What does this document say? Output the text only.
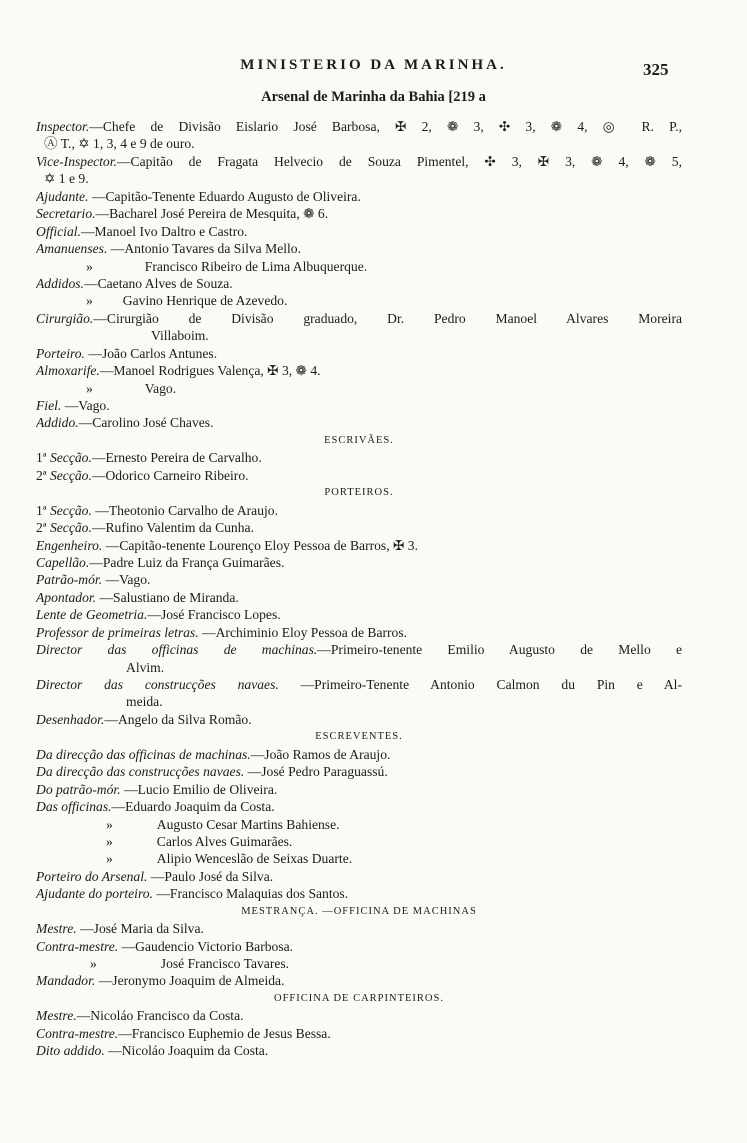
MINISTERIO DA MARINHA.	325
Arsenal de Marinha da Bahia [219 a
Inspector.—Chefe de Divisão Eislario José Barbosa, ✠ 2, ❁ 3, ✣ 3, ❁ 4, ◎ R. P.,
Ⓐ T., ✡ 1, 3, 4 e 9 de ouro.
Vice-Inspector.—Capitão de Fragata Helvecio de Souza Pimentel, ✣ 3, ✠ 3, ❁ 4, ❁ 5,
✡ 1 e 9.
Ajudante. —Capitão-Tenente Eduardo Augusto de Oliveira.
Secretario.—Bacharel José Pereira de Mesquita, ❁ 6.
Official.—Manoel Ivo Daltro e Castro.
Amanuenses. —Antonio Tavares da Silva Mello.
»	Francisco Ribeiro de Lima Albuquerque.
Addidos.—Caetano Alves de Souza.
» Gavino Henrique de Azevedo.
Cirurgião.—Cirurgião de Divisão graduado, Dr. Pedro Manoel Alvares Moreira
Villaboim.
Porteiro. —João Carlos Antunes.
Almoxarife.—Manoel Rodrigues Valença, ✠ 3, ❁ 4.
»	Vago.
Fiel. —Vago.
Addido.—Carolino José Chaves.
ESCRIVÃES.
1ª Secção.—Ernesto Pereira de Carvalho.
2ª Secção.—Odorico Carneiro Ribeiro.
PORTEIROS.
1ª Secção. —Theotonio Carvalho de Araujo.
2ª Secção.—Rufino Valentim da Cunha.
Engenheiro. —Capitão-tenente Lourenço Eloy Pessoa de Barros, ✠ 3.
Capellão.—Padre Luiz da França Guimarães.
Patrão-mór. —Vago.
Apontador. —Salustiano de Miranda.
Lente de Geometria.—José Francisco Lopes.
Professor de primeiras letras. —Archiminio Eloy Pessoa de Barros.
Director das officinas de machinas.—Primeiro-tenente Emilio Augusto de Mello e
Alvim.
Director das construcções navaes. —Primeiro-Tenente Antonio Calmon du Pin e Al-
meida.
Desenhador.—Angelo da Silva Romão.
ESCREVENTES.
Da direcção das officinas de machinas.—João Ramos de Araujo.
Da direcção das construcções navaes. —José Pedro Paraguassú.
Do patrão-mór. —Lucio Emilio de Oliveira.
Das officinas.—Eduardo Joaquim da Costa.
»	Augusto Cesar Martins Bahiense.
»	Carlos Alves Guimarães.
»	Alipio Wenceslão de Seixas Duarte.
Porteiro do Arsenal. —Paulo José da Silva.
Ajudante do porteiro. —Francisco Malaquias dos Santos.
MESTRANÇA. —OFFICINA DE MACHINAS
Mestre. —José Maria da Silva.
Contra-mestre. —Gaudencio Victorio Barbosa.
»	José Francisco Tavares.
Mandador. —Jeronymo Joaquim de Almeida.
OFFICINA DE CARPINTEIROS.
Mestre.—Nicoláo Francisco da Costa.
Contra-mestre.—Francisco Euphemio de Jesus Bessa.
Dito addido. —Nicoláo Joaquim da Costa.
